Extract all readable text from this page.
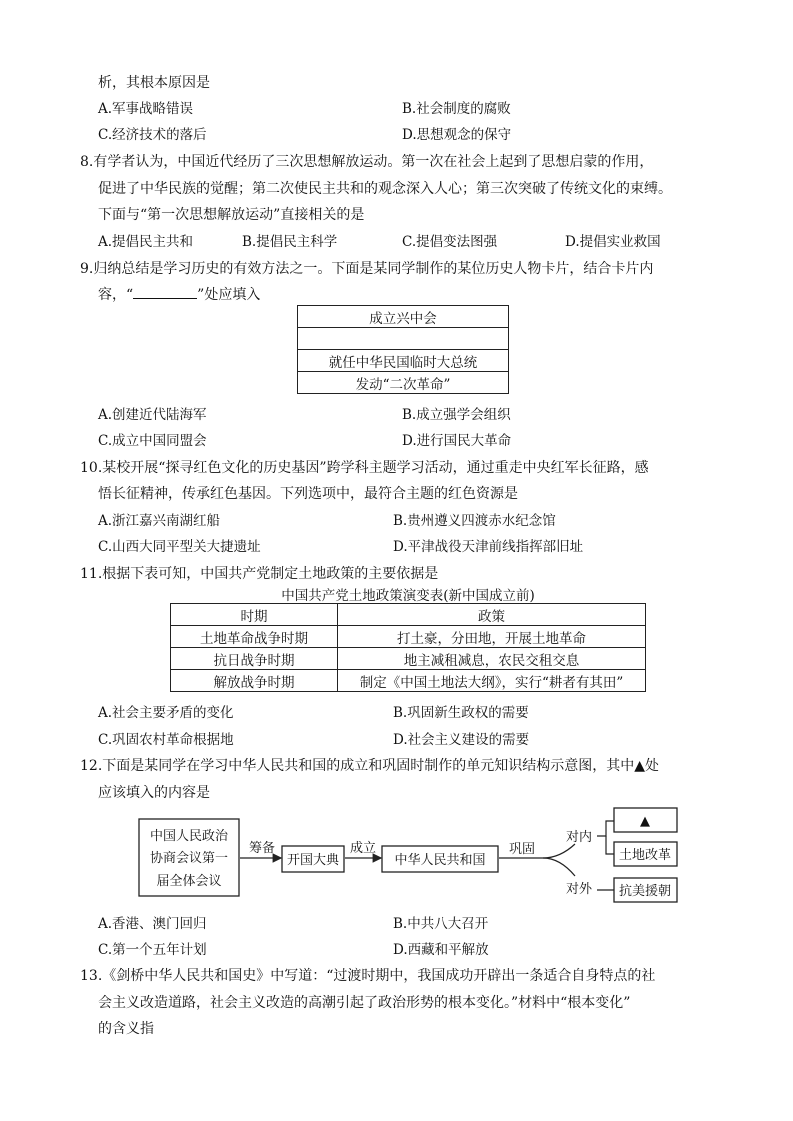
析，其根本原因是
A.军事战略错误	B.社会制度的腐败
C.经济技术的落后	D.思想观念的保守
8.有学者认为，中国近代经历了三次思想解放运动。第一次在社会上起到了思想启蒙的作用，
促进了中华民族的觉醒；第二次使民主共和的观念深入人心；第三次突破了传统文化的束缚。
下面与“第一次思想解放运动”直接相关的是
A.提倡民主共和	B.提倡民主科学	C.提倡变法图强	D.提倡实业救国
9.归纳总结是学习历史的有效方法之一。下面是某同学制作的某位历史人物卡片，结合卡片内
容，“	”处应填入
成立兴中会

就任中华民国临时大总统
发动“二次革命”
A.创建近代陆海军	B.成立强学会组织
C.成立中国同盟会	D.进行国民大革命
10.某校开展“探寻红色文化的历史基因”跨学科主题学习活动，通过重走中央红军长征路，感
悟长征精神，传承红色基因。下列选项中，最符合主题的红色资源是
A.浙江嘉兴南湖红船	B.贵州遵义四渡赤水纪念馆
C.山西大同平型关大捷遗址	D.平津战役天津前线指挥部旧址
11.根据下表可知，中国共产党制定土地政策的主要依据是
中国共产党土地政策演变表(新中国成立前)
时期	政策
土地革命战争时期	打土豪，分田地，开展土地革命
抗日战争时期	地主减租减息，农民交租交息
解放战争时期	制定《中国土地法大纲》，实行“耕者有其田”
A.社会主要矛盾的变化	B.巩固新生政权的需要
C.巩固农村革命根据地	D.社会主义建设的需要
12.下面是某同学在学习中华人民共和国的成立和巩固时制作的单元知识结构示意图，其中▲处
应该填入的内容是
中国人民政治
协商会议第一
届全体会议
筹备
开国大典
成立
中华人民共和国
巩固
对内
对外
▲
土地改革
抗美援朝
A.香港、澳门回归	B.中共八大召开
C.第一个五年计划	D.西藏和平解放
13.《剑桥中华人民共和国史》中写道：“过渡时期中，我国成功开辟出一条适合自身特点的社
会主义改造道路，社会主义改造的高潮引起了政治形势的根本变化。”材料中“根本变化”
的含义指
